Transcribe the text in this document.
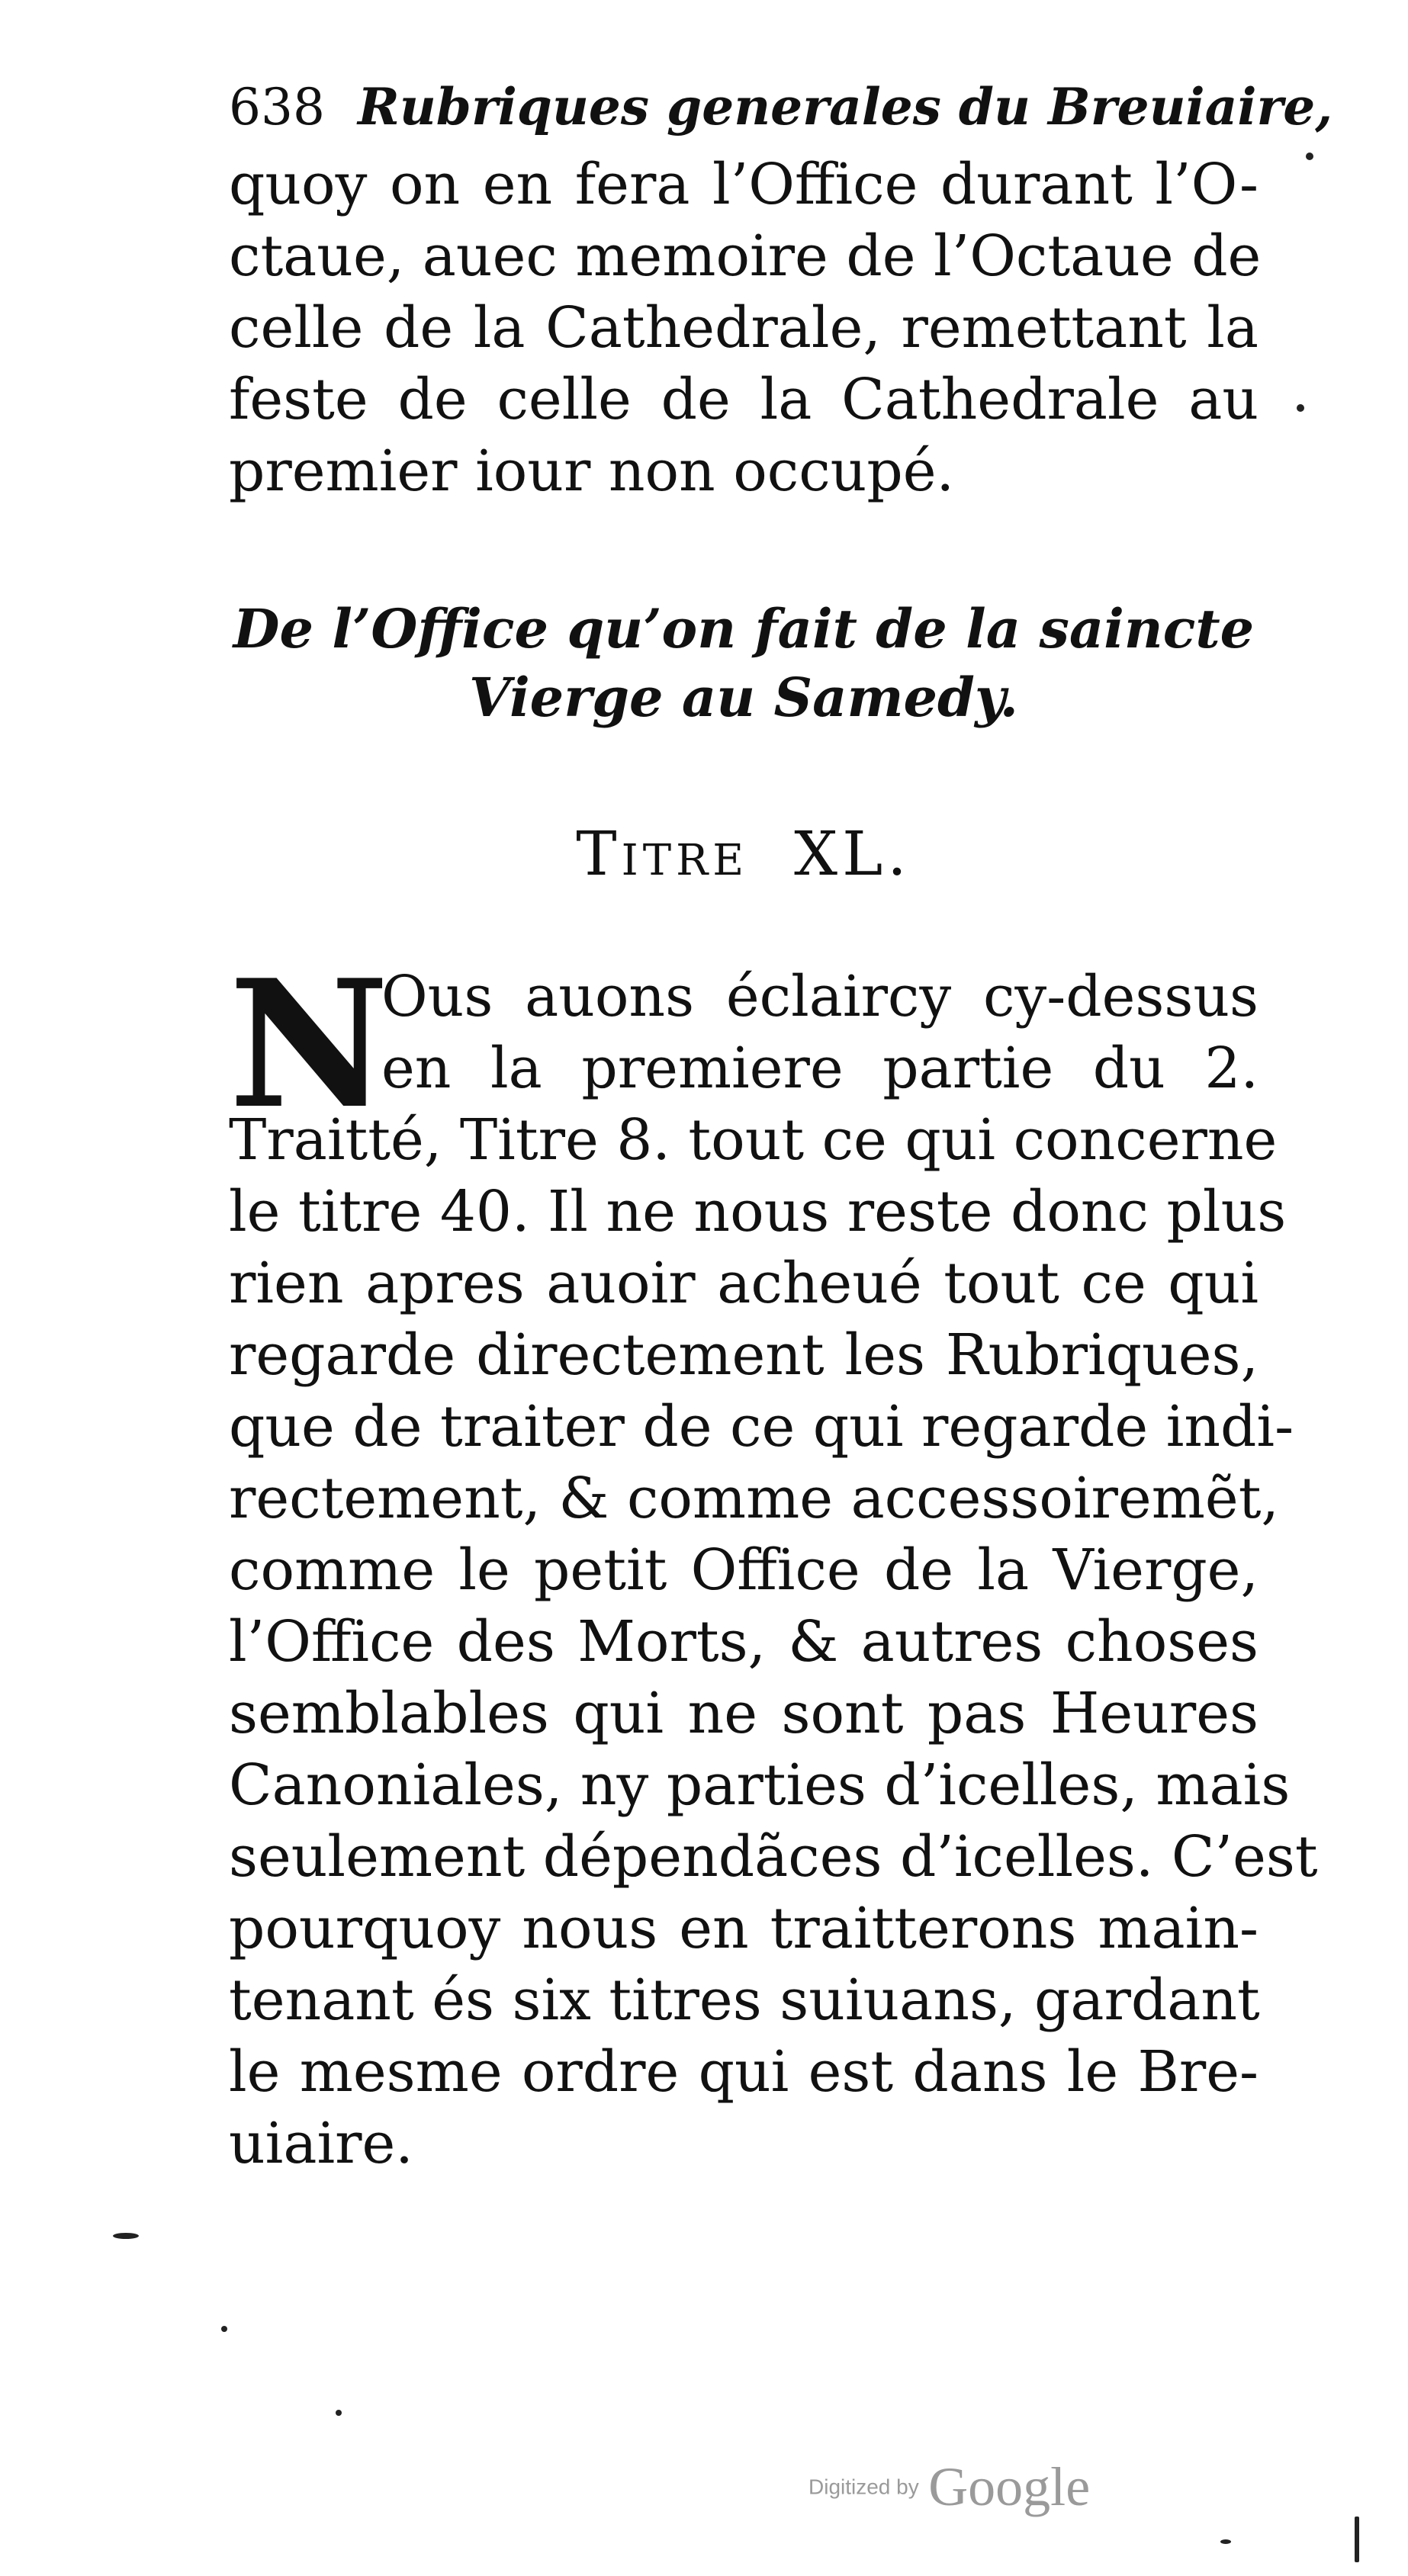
638 Rubriques generales du Breuiaire,
quoy on en fera l’Office durant l’O-
ctaue, auec memoire de l’Octaue de
celle de la Cathedrale, remettant la
feste de celle de la Cathedrale au
premier iour non occupé.
De l’Office qu’on fait de la saincte
Vierge au Samedy.
Titre XL.
N
Ous auons éclaircy cy-dessus
en la premiere partie du 2.
Traitté, Titre 8. tout ce qui concerne
le titre 40. Il ne nous reste donc plus
rien apres auoir acheué tout ce qui
regarde directement les Rubriques,
que de traiter de ce qui regarde indi-
rectement, & comme accessoiremẽt,
comme le petit Office de la Vierge,
l’Office des Morts, & autres choses
semblables qui ne sont pas Heures
Canoniales, ny parties d’icelles, mais
seulement dépendãces d’icelles. C’est
pourquoy nous en traitterons main-
tenant és six titres suiuans, gardant
le mesme ordre qui est dans le Bre-
uiaire.
Digitized by Google
